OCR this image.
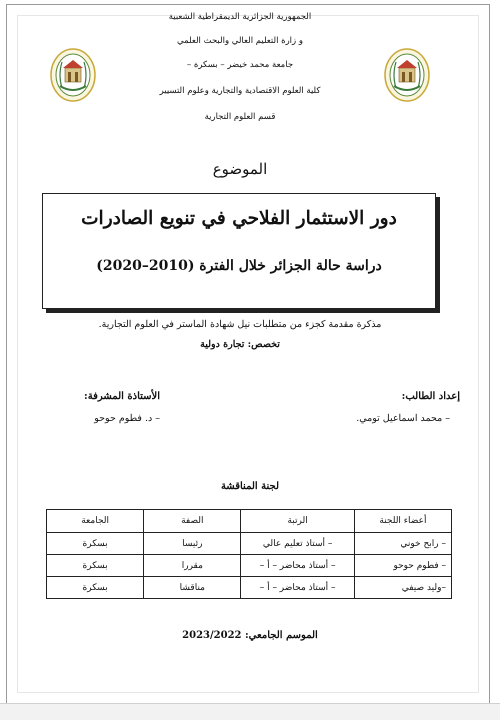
الجمهورية الجزائرية الديمقراطية الشعبية
و زارة التعليم العالي والبحث العلمي
جامعة محمد خيضر – بسكرة –
كلية العلوم الاقتصادية والتجارية وعلوم التسيير
قسم العلوم التجارية
الموضوع
دور الاستثمار الفلاحي في تنويع الصادرات
دراسة حالة الجزائر خلال الفترة (2010–2020)
مذكرة مقدمة كجزء من متطلبات نيل شهادة الماستر في العلوم التجارية.
تخصص: تجارة دولية
إعداد الطالب:
– محمد اسماعيل تومي.
الأستاذة المشرفة:
– د. فطوم حوحو
لجنة المناقشة
أعضاء اللجنة	الرتبة	الصفة	الجامعة
– رابح خوني	– أستاذ تعليم عالي	رئيسا	بسكرة
– فطوم حوحو	– أستاذ محاضر – أ –	مقررا	بسكرة
–وليد صيفي	– أستاذ محاضر – أ –	مناقشا	بسكرة
الموسم الجامعي: 2023/2022
